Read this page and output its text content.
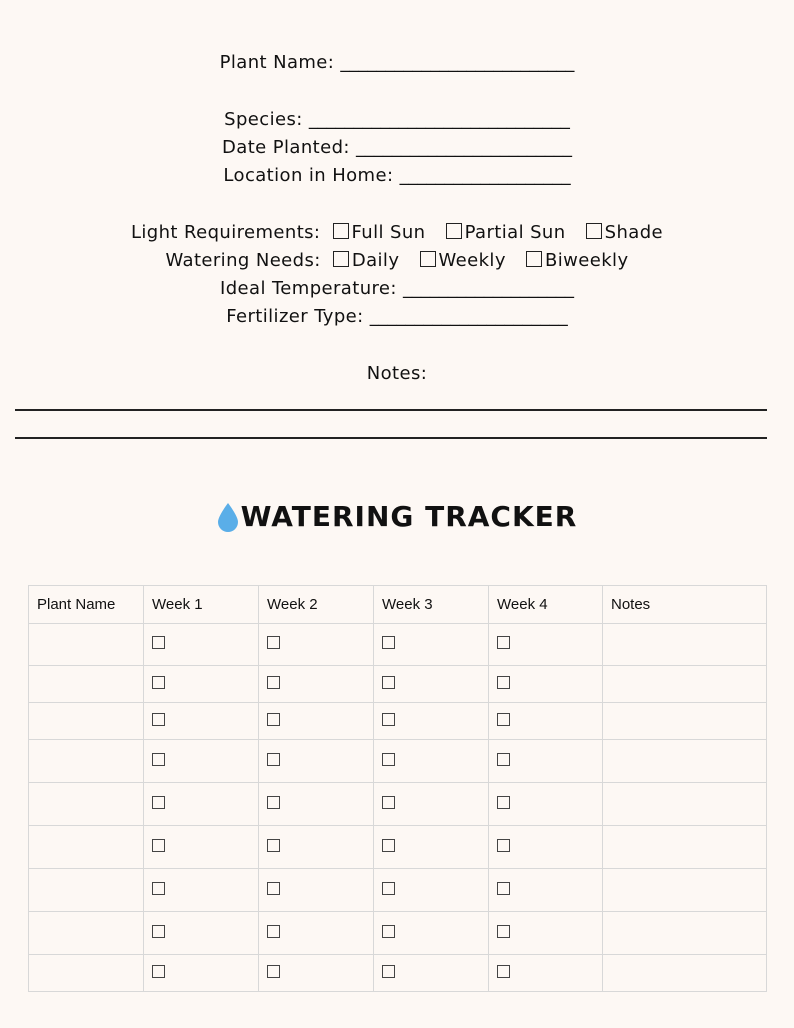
Plant Name: __________________________
Species: _____________________________
Date Planted: ________________________
Location in Home: ___________________
Light Requirements: Full Sun Partial Sun Shade
Watering Needs: Daily Weekly Biweekly
Ideal Temperature: ___________________
Fertilizer Type: ______________________
Notes:
WATERING TRACKER
Plant Name	Week 1	Week 2	Week 3	Week 4	Notes
